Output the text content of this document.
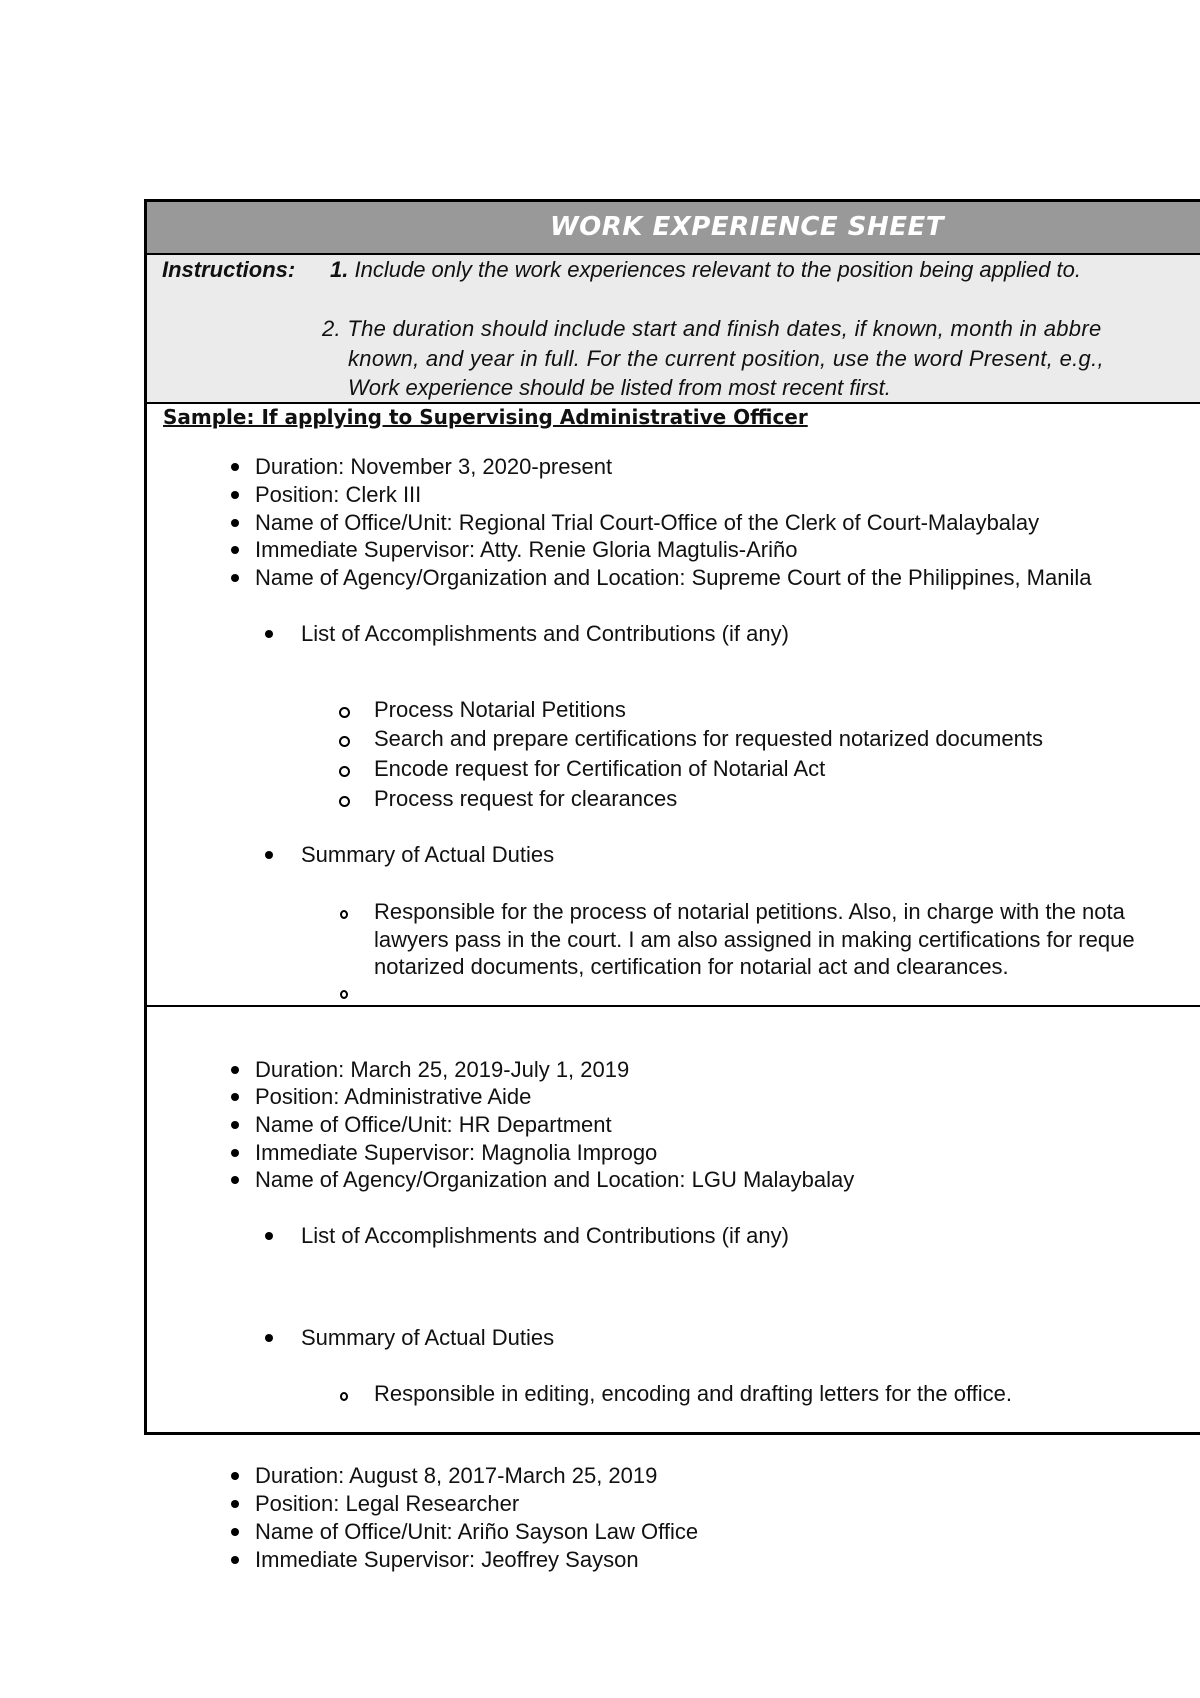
WORK EXPERIENCE SHEET
Instructions: 1. Include only the work experiences relevant to the position being applied to.
2. The duration should include start and finish dates, if known, month in abbre
known, and year in full. For the current position, use the word Present, e.g.,
Work experience should be listed from most recent first.
Sample: If applying to Supervising Administrative Officer
Duration: November 3, 2020-present
Position: Clerk III
Name of Office/Unit: Regional Trial Court-Office of the Clerk of Court-Malaybalay
Immediate Supervisor: Atty. Renie Gloria Magtulis-Ariño
Name of Agency/Organization and Location: Supreme Court of the Philippines, Manila
List of Accomplishments and Contributions (if any)
Process Notarial Petitions
Search and prepare certifications for requested notarized documents
Encode request for Certification of Notarial Act
Process request for clearances
Summary of Actual Duties
Responsible for the process of notarial petitions. Also, in charge with the nota
lawyers pass in the court. I am also assigned in making certifications for reque
notarized documents, certification for notarial act and clearances.
Duration: March 25, 2019-July 1, 2019
Position: Administrative Aide
Name of Office/Unit: HR Department
Immediate Supervisor: Magnolia Improgo
Name of Agency/Organization and Location: LGU Malaybalay
List of Accomplishments and Contributions (if any)
Summary of Actual Duties
Responsible in editing, encoding and drafting letters for the office.
Duration: August 8, 2017-March 25, 2019
Position: Legal Researcher
Name of Office/Unit: Ariño Sayson Law Office
Immediate Supervisor: Jeoffrey Sayson
